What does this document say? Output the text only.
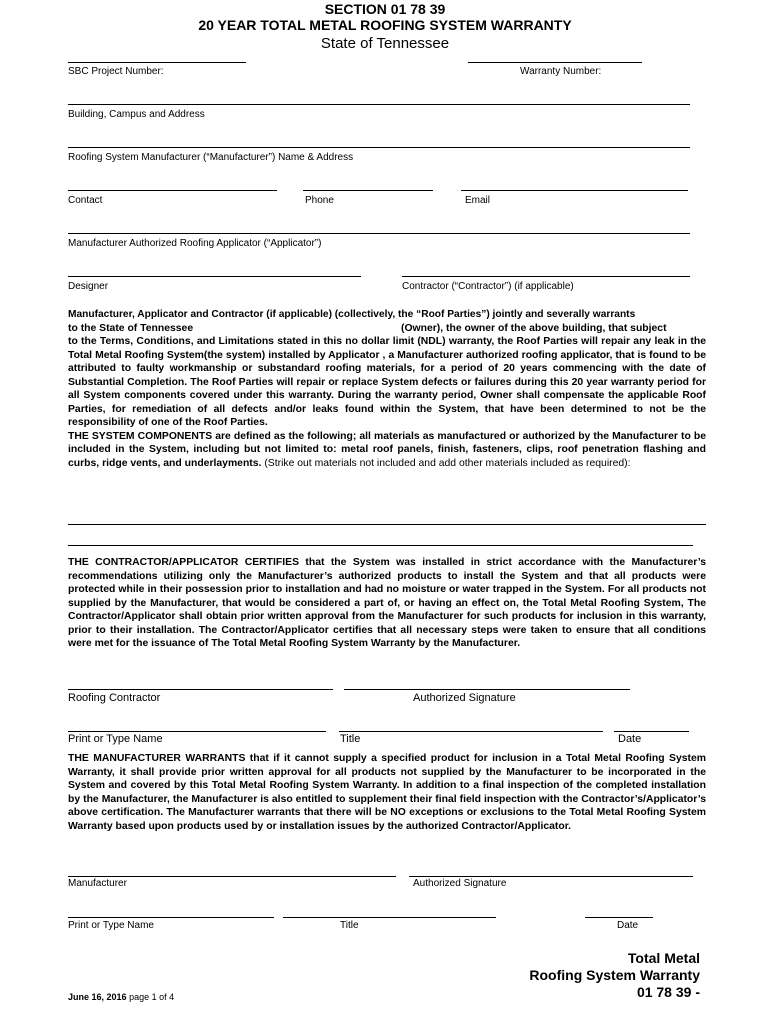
SECTION 01 78 39
20 YEAR TOTAL METAL ROOFING SYSTEM WARRANTY
State of Tennessee
SBC Project Number:	Warranty Number:
Building, Campus and Address
Roofing System Manufacturer (“Manufacturer”) Name & Address
Contact	Phone	Email
Manufacturer Authorized Roofing Applicator (“Applicator”)
Designer	Contractor (“Contractor”) (if applicable)
Manufacturer, Applicator and Contractor (if applicable) (collectively, the “Roof Parties”) jointly and severally warrants
to the State of Tennessee	(Owner), the owner of the above building, that subject
to the Terms, Conditions, and Limitations stated in this no dollar limit (NDL) warranty, the Roof Parties will repair any leak in the Total Metal Roofing System(the system) installed by Applicator , a Manufacturer authorized roofing applicator, that is found to be attributed to faulty workmanship or substandard roofing materials, for a period of 20 years commencing with the date of Substantial Completion. The Roof Parties will repair or replace System defects or failures during this 20 year warranty period for all System components covered under this warranty. During the warranty period, Owner shall compensate the applicable Roof Parties, for remediation of all defects and/or leaks found within the System, that have been determined to not be the responsibility of one of the Roof Parties.
THE SYSTEM COMPONENTS are defined as the following; all materials as manufactured or authorized by the Manufacturer to be included in the System, including but not limited to: metal roof panels, finish, fasteners, clips, roof penetration flashing and curbs, ridge vents, and underlayments. (Strike out materials not included and add other materials included as required):
THE CONTRACTOR/APPLICATOR CERTIFIES that the System was installed in strict accordance with the Manufacturer’s recommendations utilizing only the Manufacturer’s authorized products to install the System and that all products were protected while in their possession prior to installation and had no moisture or water trapped in the System. For all products not supplied by the Manufacturer, that would be considered a part of, or having an effect on, the Total Metal Roofing System, The Contractor/Applicator shall obtain prior written approval from the Manufacturer for such products for inclusion in this warranty, prior to their installation. The Contractor/Applicator certifies that all necessary steps were taken to ensure that all conditions were met for the issuance of The Total Metal Roofing System Warranty by the Manufacturer.
Roofing Contractor	Authorized Signature
Print or Type Name	Title	Date
THE MANUFACTURER WARRANTS that if it cannot supply a specified product for inclusion in a Total Metal Roofing System Warranty, it shall provide prior written approval for all products not supplied by the Manufacturer to be incorporated in the System and covered by this Total Metal Roofing System Warranty. In addition to a final inspection of the completed installation by the Manufacturer, the Manufacturer is also entitled to supplement their final field inspection with the Contractor’s/Applicator’s above certification. The Manufacturer warrants that there will be NO exceptions or exclusions to the Total Metal Roofing System Warranty based upon products used by or installation issues by the authorized Contractor/Applicator.
Manufacturer	Authorized Signature
Print or Type Name	Title	Date
June 16, 2016 page 1 of 4
Total Metal
Roofing System Warranty
01 78 39 -
